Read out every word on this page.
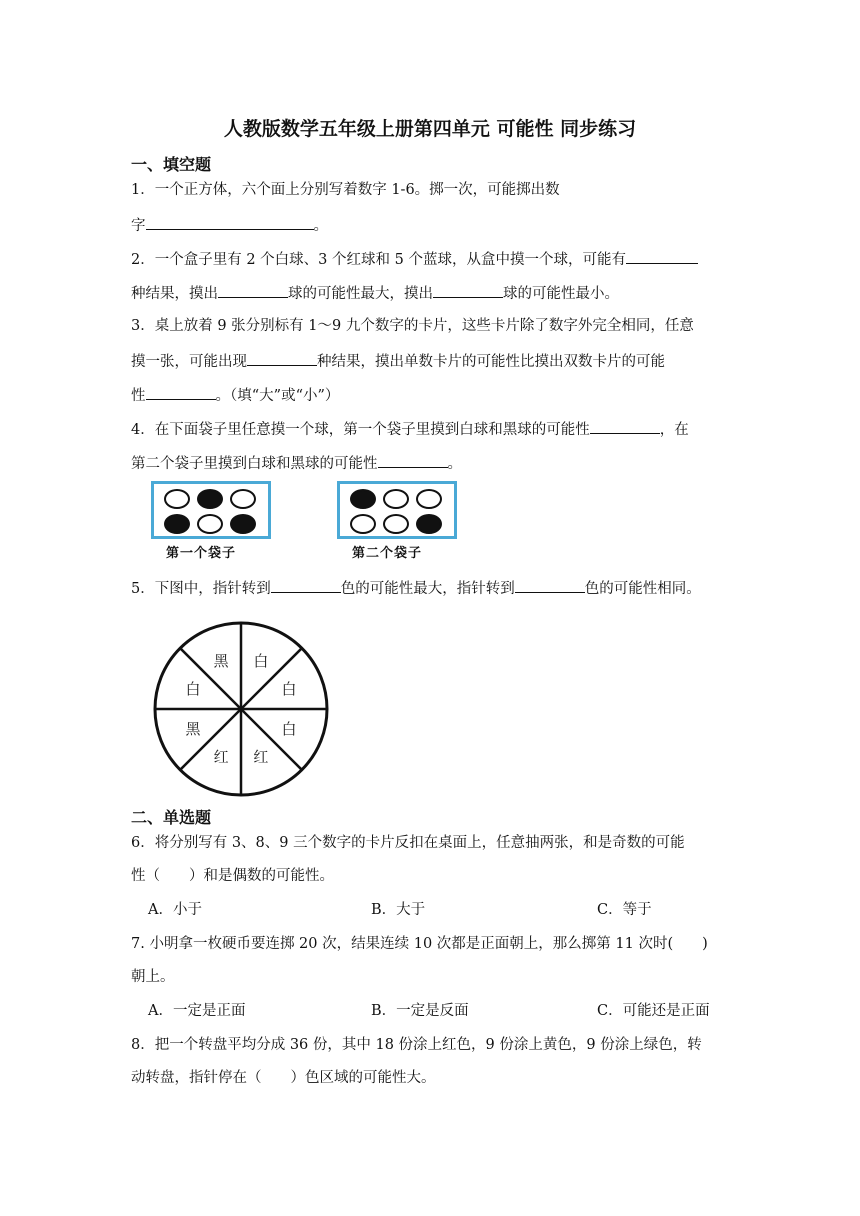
人教版数学五年级上册第四单元 可能性 同步练习
一、填空题
1．一个正方体，六个面上分别写着数字 1-6。掷一次，可能掷出数
字	。
2．一个盒子里有 2 个白球、3 个红球和 5 个蓝球，从盒中摸一个球，可能有
种结果，摸出	球的可能性最大，摸出	球的可能性最小。
3．桌上放着 9 张分别标有 1～9 九个数字的卡片，这些卡片除了数字外完全相同，任意
摸一张，可能出现	种结果，摸出单数卡片的可能性比摸出双数卡片的可能
性	。（填“大”或“小”）
4．在下面袋子里任意摸一个球，第一个袋子里摸到白球和黑球的可能性	，在
第二个袋子里摸到白球和黑球的可能性	。
第一个袋子	第二个袋子
5．下图中，指针转到	色的可能性最大，指针转到	色的可能性相同。
黑 白
白
白
红
红
黑
白
二、单选题
6．将分别写有 3、8、9 三个数字的卡片反扣在桌面上，任意抽两张，和是奇数的可能
性（　　）和是偶数的可能性。
A．小于	B．大于	C．等于
7. 小明拿一枚硬币要连掷 20 次，结果连续 10 次都是正面朝上，那么掷第 11 次时(　　)
朝上。
A．一定是正面	B．一定是反面	C．可能还是正面
8．把一个转盘平均分成 36 份，其中 18 份涂上红色，9 份涂上黄色，9 份涂上绿色，转
动转盘，指针停在（　　）色区域的可能性大。
